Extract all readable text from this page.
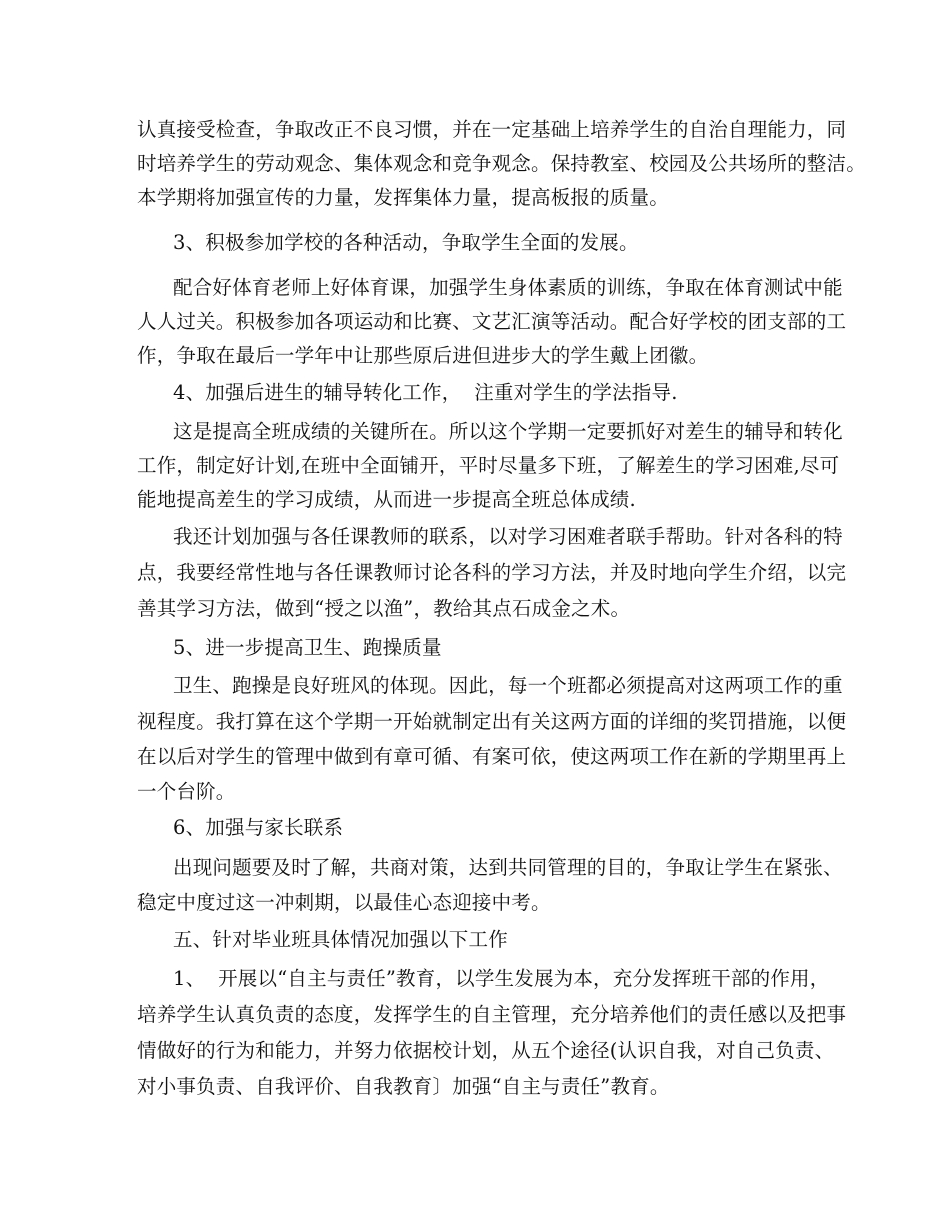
认真接受检查，争取改正不良习惯，并在一定基础上培养学生的自治自理能力，同
时培养学生的劳动观念、集体观念和竞争观念。保持教室、校园及公共场所的整洁。
本学期将加强宣传的力量，发挥集体力量，提高板报的质量。
3、积极参加学校的各种活动，争取学生全面的发展。
配合好体育老师上好体育课，加强学生身体素质的训练，争取在体育测试中能
人人过关。积极参加各项运动和比赛、文艺汇演等活动。配合好学校的团支部的工
作，争取在最后一学年中让那些原后进但进步大的学生戴上团徽。
4、加强后进生的辅导转化工作，  注重对学生的学法指导.
这是提高全班成绩的关键所在。所以这个学期一定要抓好对差生的辅导和转化
工作，制定好计划,在班中全面铺开，平时尽量多下班，了解差生的学习困难,尽可
能地提高差生的学习成绩，从而进一步提高全班总体成绩.
我还计划加强与各任课教师的联系，以对学习困难者联手帮助。针对各科的特
点，我要经常性地与各任课教师讨论各科的学习方法，并及时地向学生介绍，以完
善其学习方法，做到“授之以渔”，教给其点石成金之术。
5、进一步提高卫生、跑操质量
卫生、跑操是良好班风的体现。因此，每一个班都必须提高对这两项工作的重
视程度。我打算在这个学期一开始就制定出有关这两方面的详细的奖罚措施，以便
在以后对学生的管理中做到有章可循、有案可依，使这两项工作在新的学期里再上
一个台阶。
6、加强与家长联系
出现问题要及时了解，共商对策，达到共同管理的目的，争取让学生在紧张、
稳定中度过这一冲刺期，以最佳心态迎接中考。
五、针对毕业班具体情况加强以下工作
1、  开展以“自主与责任”教育，以学生发展为本，充分发挥班干部的作用，
培养学生认真负责的态度，发挥学生的自主管理，充分培养他们的责任感以及把事
情做好的行为和能力，并努力依据校计划，从五个途径(认识自我，对自己负责、
对小事负责、自我评价、自我教育〕加强“自主与责任”教育。
